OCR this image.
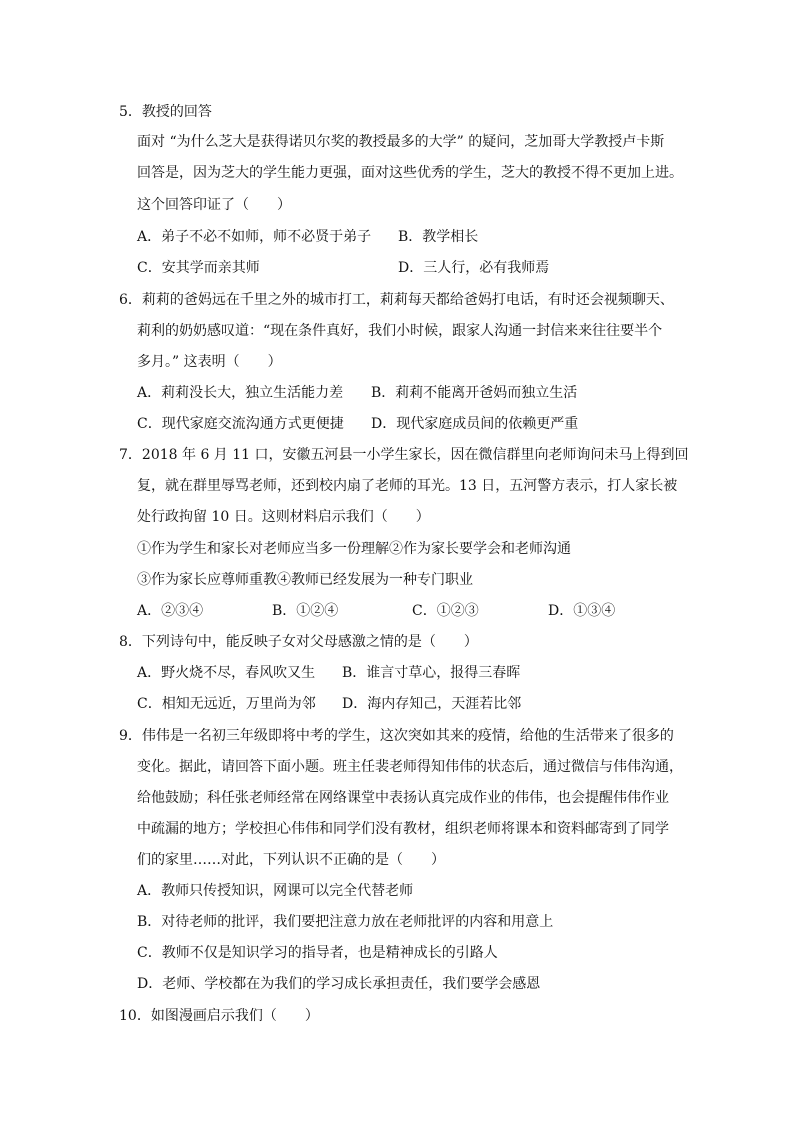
5．教授的回答
面对 “为什么芝大是获得诺贝尔奖的教授最多的大学” 的疑问，芝加哥大学教授卢卡斯
回答是，因为芝大的学生能力更强，面对这些优秀的学生，芝大的教授不得不更加上进。
这个回答印证了（　　）
A．弟子不必不如师，师不必贤于弟子 B．教学相长
C．安其学而亲其师	D．三人行，必有我师焉
6．莉莉的爸妈远在千里之外的城市打工，莉莉每天都给爸妈打电话，有时还会视频聊天、
莉利的奶奶感叹道：“现在条件真好，我们小时候，跟家人沟通一封信来来往往要半个
多月。” 这表明（　　）
A．莉莉没长大，独立生活能力差 B．莉莉不能离开爸妈而独立生活
C．现代家庭交流沟通方式更便捷 D．现代家庭成员间的依赖更严重
7．2018 年 6 月 11 口，安徽五河县一小学生家长，因在微信群里向老师询问未马上得到回
复，就在群里辱骂老师，还到校内扇了老师的耳光。13 日，五河警方表示，打人家长被
处行政拘留 10 日。这则材料启示我们（　　）
①作为学生和家长对老师应当多一份理解②作为家长要学会和老师沟通
③作为家长应尊师重教④教师已经发展为一种专门职业
A．②③④	B．①②④	C．①②③	D．①③④
8．下列诗句中，能反映子女对父母感激之情的是（　　）
A．野火烧不尽，春风吹又生 B．谁言寸草心，报得三春晖
C．相知无远近，万里尚为邻 D．海内存知己，天涯若比邻
9．伟伟是一名初三年级即将中考的学生，这次突如其来的疫情，给他的生活带来了很多的
变化。据此，请回答下面小题。班主任裴老师得知伟伟的状态后，通过微信与伟伟沟通，
给他鼓励；科任张老师经常在网络课堂中表扬认真完成作业的伟伟，也会提醒伟伟作业
中疏漏的地方；学校担心伟伟和同学们没有教材，组织老师将课本和资料邮寄到了同学
们的家里……对此，下列认识不正确的是（　　）
A．教师只传授知识，网课可以完全代替老师
B．对待老师的批评，我们要把注意力放在老师批评的内容和用意上
C．教师不仅是知识学习的指导者，也是精神成长的引路人
D．老师、学校都在为我们的学习成长承担责任，我们要学会感恩
10．如图漫画启示我们（　　）
